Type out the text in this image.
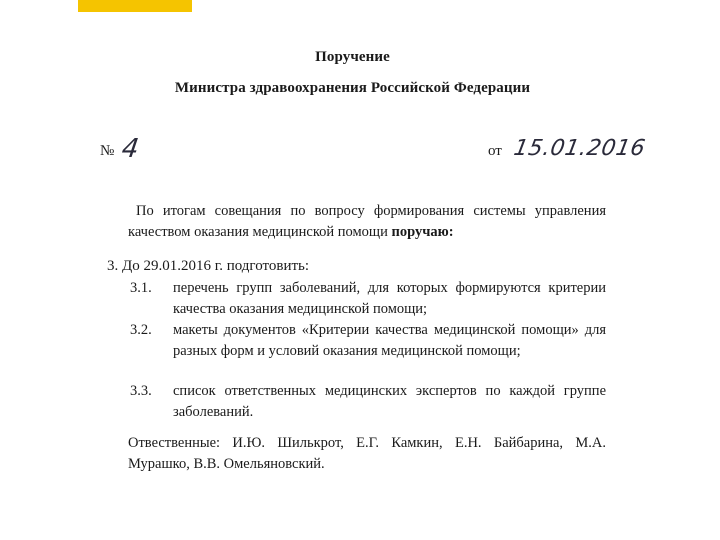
Поручение
Министра здравоохранения Российской Федерации
№ 4	от 15.01.2016
По итогам совещания по вопросу формирования системы управления качеством оказания медицинской помощи поручаю:
3. До 29.01.2016 г. подготовить:
3.1. перечень групп заболеваний, для которых формируются критерии качества оказания медицинской помощи;
3.2. макеты документов «Критерии качества медицинской помощи» для разных форм и условий оказания медицинской помощи;
3.3. список ответственных медицинских экспертов по каждой группе заболеваний.
Отвественные: И.Ю. Шилькрот, Е.Г. Камкин, Е.Н. Байбарина, М.А. Мурашко, В.В. Омельяновский.
